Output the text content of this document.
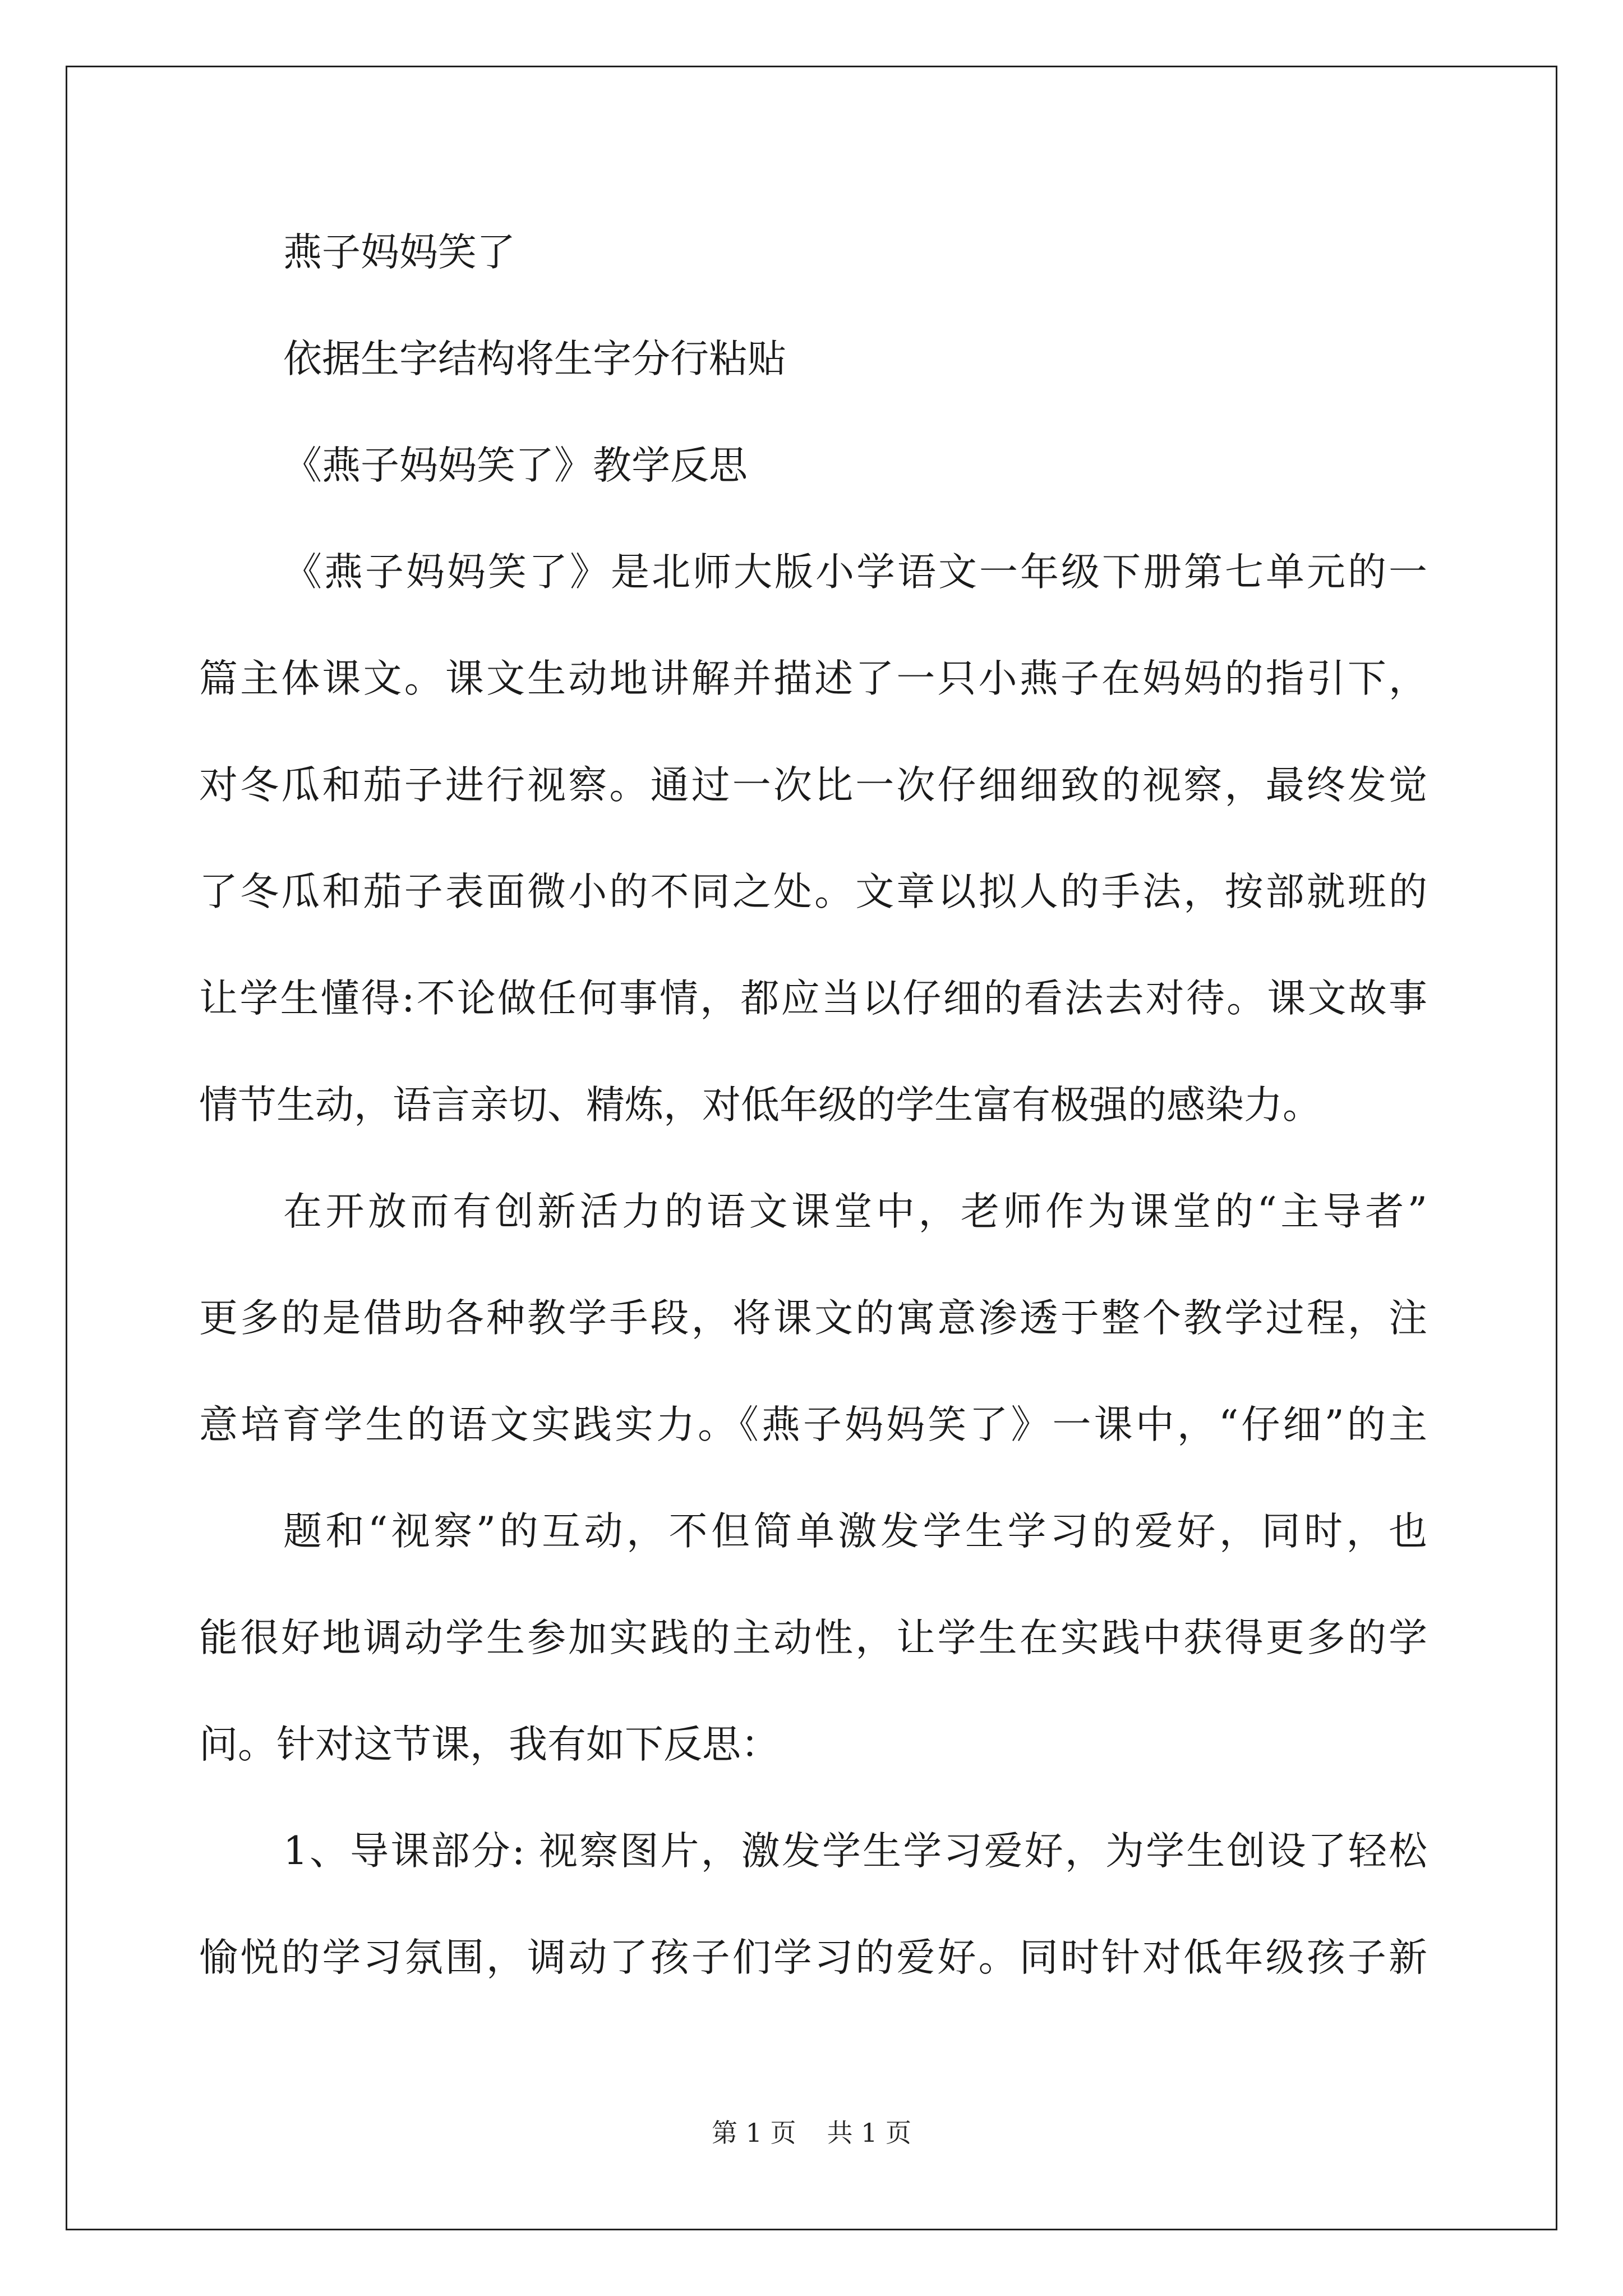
燕子妈妈笑了
依据生字结构将生字分行粘贴
《燕子妈妈笑了》教学反思
《燕子妈妈笑了》是北师大版小学语文一年级下册第七单元的一
篇主体课文。课文生动地讲解并描述了一只小燕子在妈妈的指引下，
对冬瓜和茄子进行视察。通过一次比一次仔细细致的视察，最终发觉
了冬瓜和茄子表面微小的不同之处。文章以拟人的手法，按部就班的
让学生懂得:不论做任何事情，都应当以仔细的看法去对待。课文故事
情节生动，语言亲切、精炼，对低年级的学生富有极强的感染力。
在开放而有创新活力的语文课堂中，老师作为课堂的“主导者”
更多的是借助各种教学手段，将课文的寓意渗透于整个教学过程，注
意培育学生的语文实践实力。《燕子妈妈笑了》一课中，“仔细”的主
题和“视察”的互动，不但简单激发学生学习的爱好，同时，也
能很好地调动学生参加实践的主动性，让学生在实践中获得更多的学
问。针对这节课，我有如下反思：
1、导课部分: 视察图片，激发学生学习爱好，为学生创设了轻松
愉悦的学习氛围，调动了孩子们学习的爱好。同时针对低年级孩子新
第 1 页 共 1 页
